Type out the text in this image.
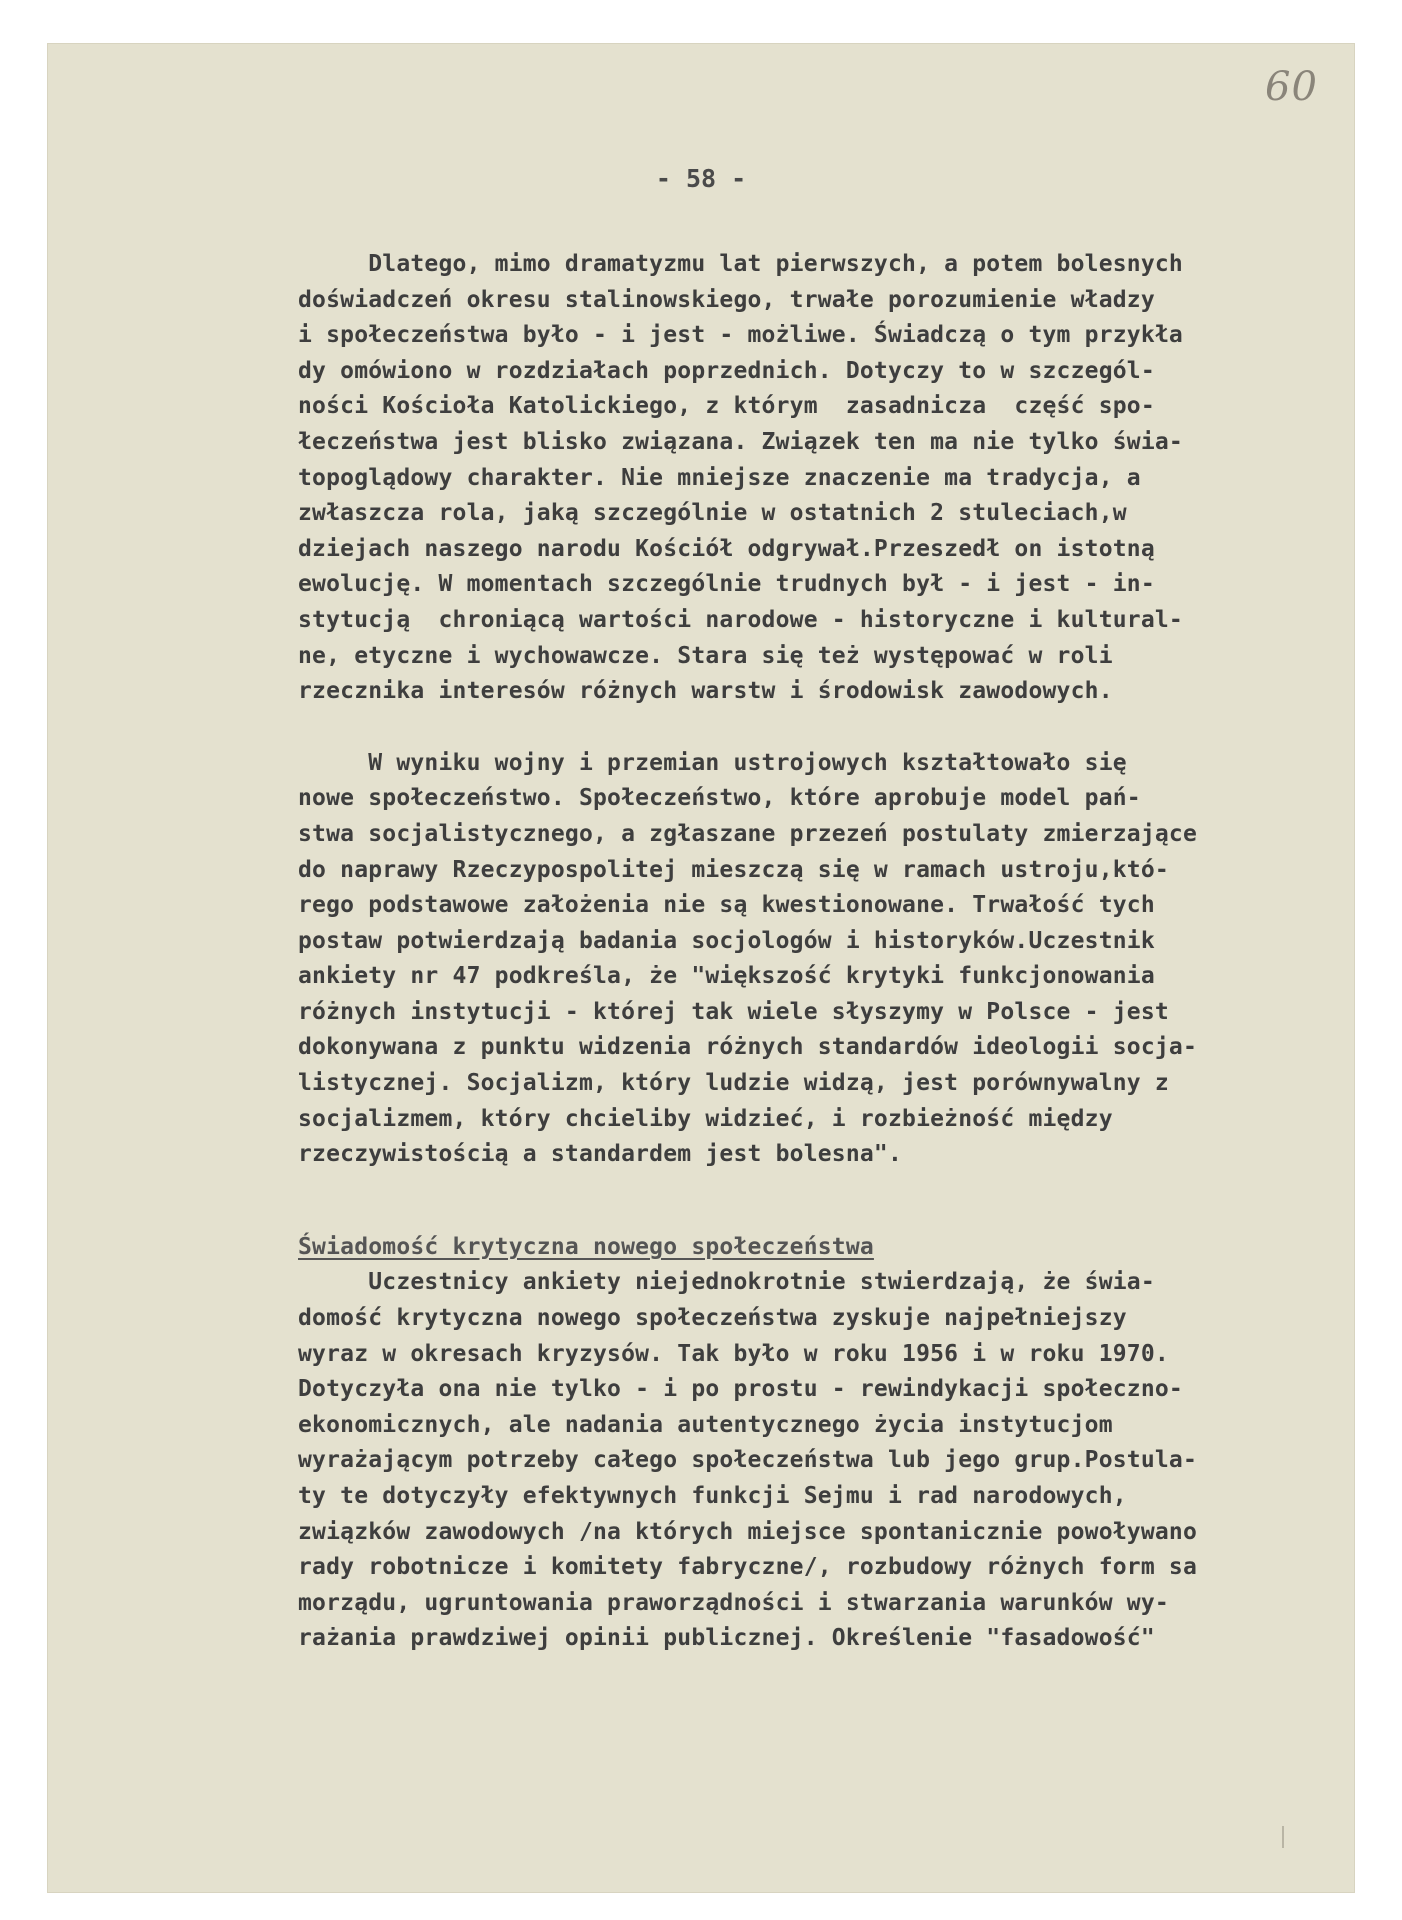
60
- 58 -
Dlatego, mimo dramatyzmu lat pierwszych, a potem bolesnych
doświadczeń okresu stalinowskiego, trwałe porozumienie władzy
i społeczeństwa było - i jest - możliwe. Świadczą o tym przykła
dy omówiono w rozdziałach poprzednich. Dotyczy to w szczegól-
ności Kościoła Katolickiego, z którym  zasadnicza  część spo-
łeczeństwa jest blisko związana. Związek ten ma nie tylko świa-
topoglądowy charakter. Nie mniejsze znaczenie ma tradycja, a
zwłaszcza rola, jaką szczególnie w ostatnich 2 stuleciach,w
dziejach naszego narodu Kościół odgrywał.Przeszedł on istotną
ewolucję. W momentach szczególnie trudnych był - i jest - in-
stytucją  chroniącą wartości narodowe - historyczne i kultural-
ne, etyczne i wychowawcze. Stara się też występować w roli
rzecznika interesów różnych warstw i środowisk zawodowych.
W wyniku wojny i przemian ustrojowych kształtowało się
nowe społeczeństwo. Społeczeństwo, które aprobuje model pań-
stwa socjalistycznego, a zgłaszane przezeń postulaty zmierzające
do naprawy Rzeczypospolitej mieszczą się w ramach ustroju,któ-
rego podstawowe założenia nie są kwestionowane. Trwałość tych
postaw potwierdzają badania socjologów i historyków.Uczestnik
ankiety nr 47 podkreśla, że "większość krytyki funkcjonowania
różnych instytucji - której tak wiele słyszymy w Polsce - jest
dokonywana z punktu widzenia różnych standardów ideologii socja-
listycznej. Socjalizm, który ludzie widzą, jest porównywalny z
socjalizmem, który chcieliby widzieć, i rozbieżność między
rzeczywistością a standardem jest bolesna".
Świadomość krytyczna nowego społeczeństwa
Uczestnicy ankiety niejednokrotnie stwierdzają, że świa-
domość krytyczna nowego społeczeństwa zyskuje najpełniejszy
wyraz w okresach kryzysów. Tak było w roku 1956 i w roku 1970.
Dotyczyła ona nie tylko - i po prostu - rewindykacji społeczno-
ekonomicznych, ale nadania autentycznego życia instytucjom
wyrażającym potrzeby całego społeczeństwa lub jego grup.Postula-
ty te dotyczyły efektywnych funkcji Sejmu i rad narodowych,
związków zawodowych /na których miejsce spontanicznie powoływano
rady robotnicze i komitety fabryczne/, rozbudowy różnych form sa
morządu, ugruntowania praworządności i stwarzania warunków wy-
rażania prawdziwej opinii publicznej. Określenie "fasadowość"
